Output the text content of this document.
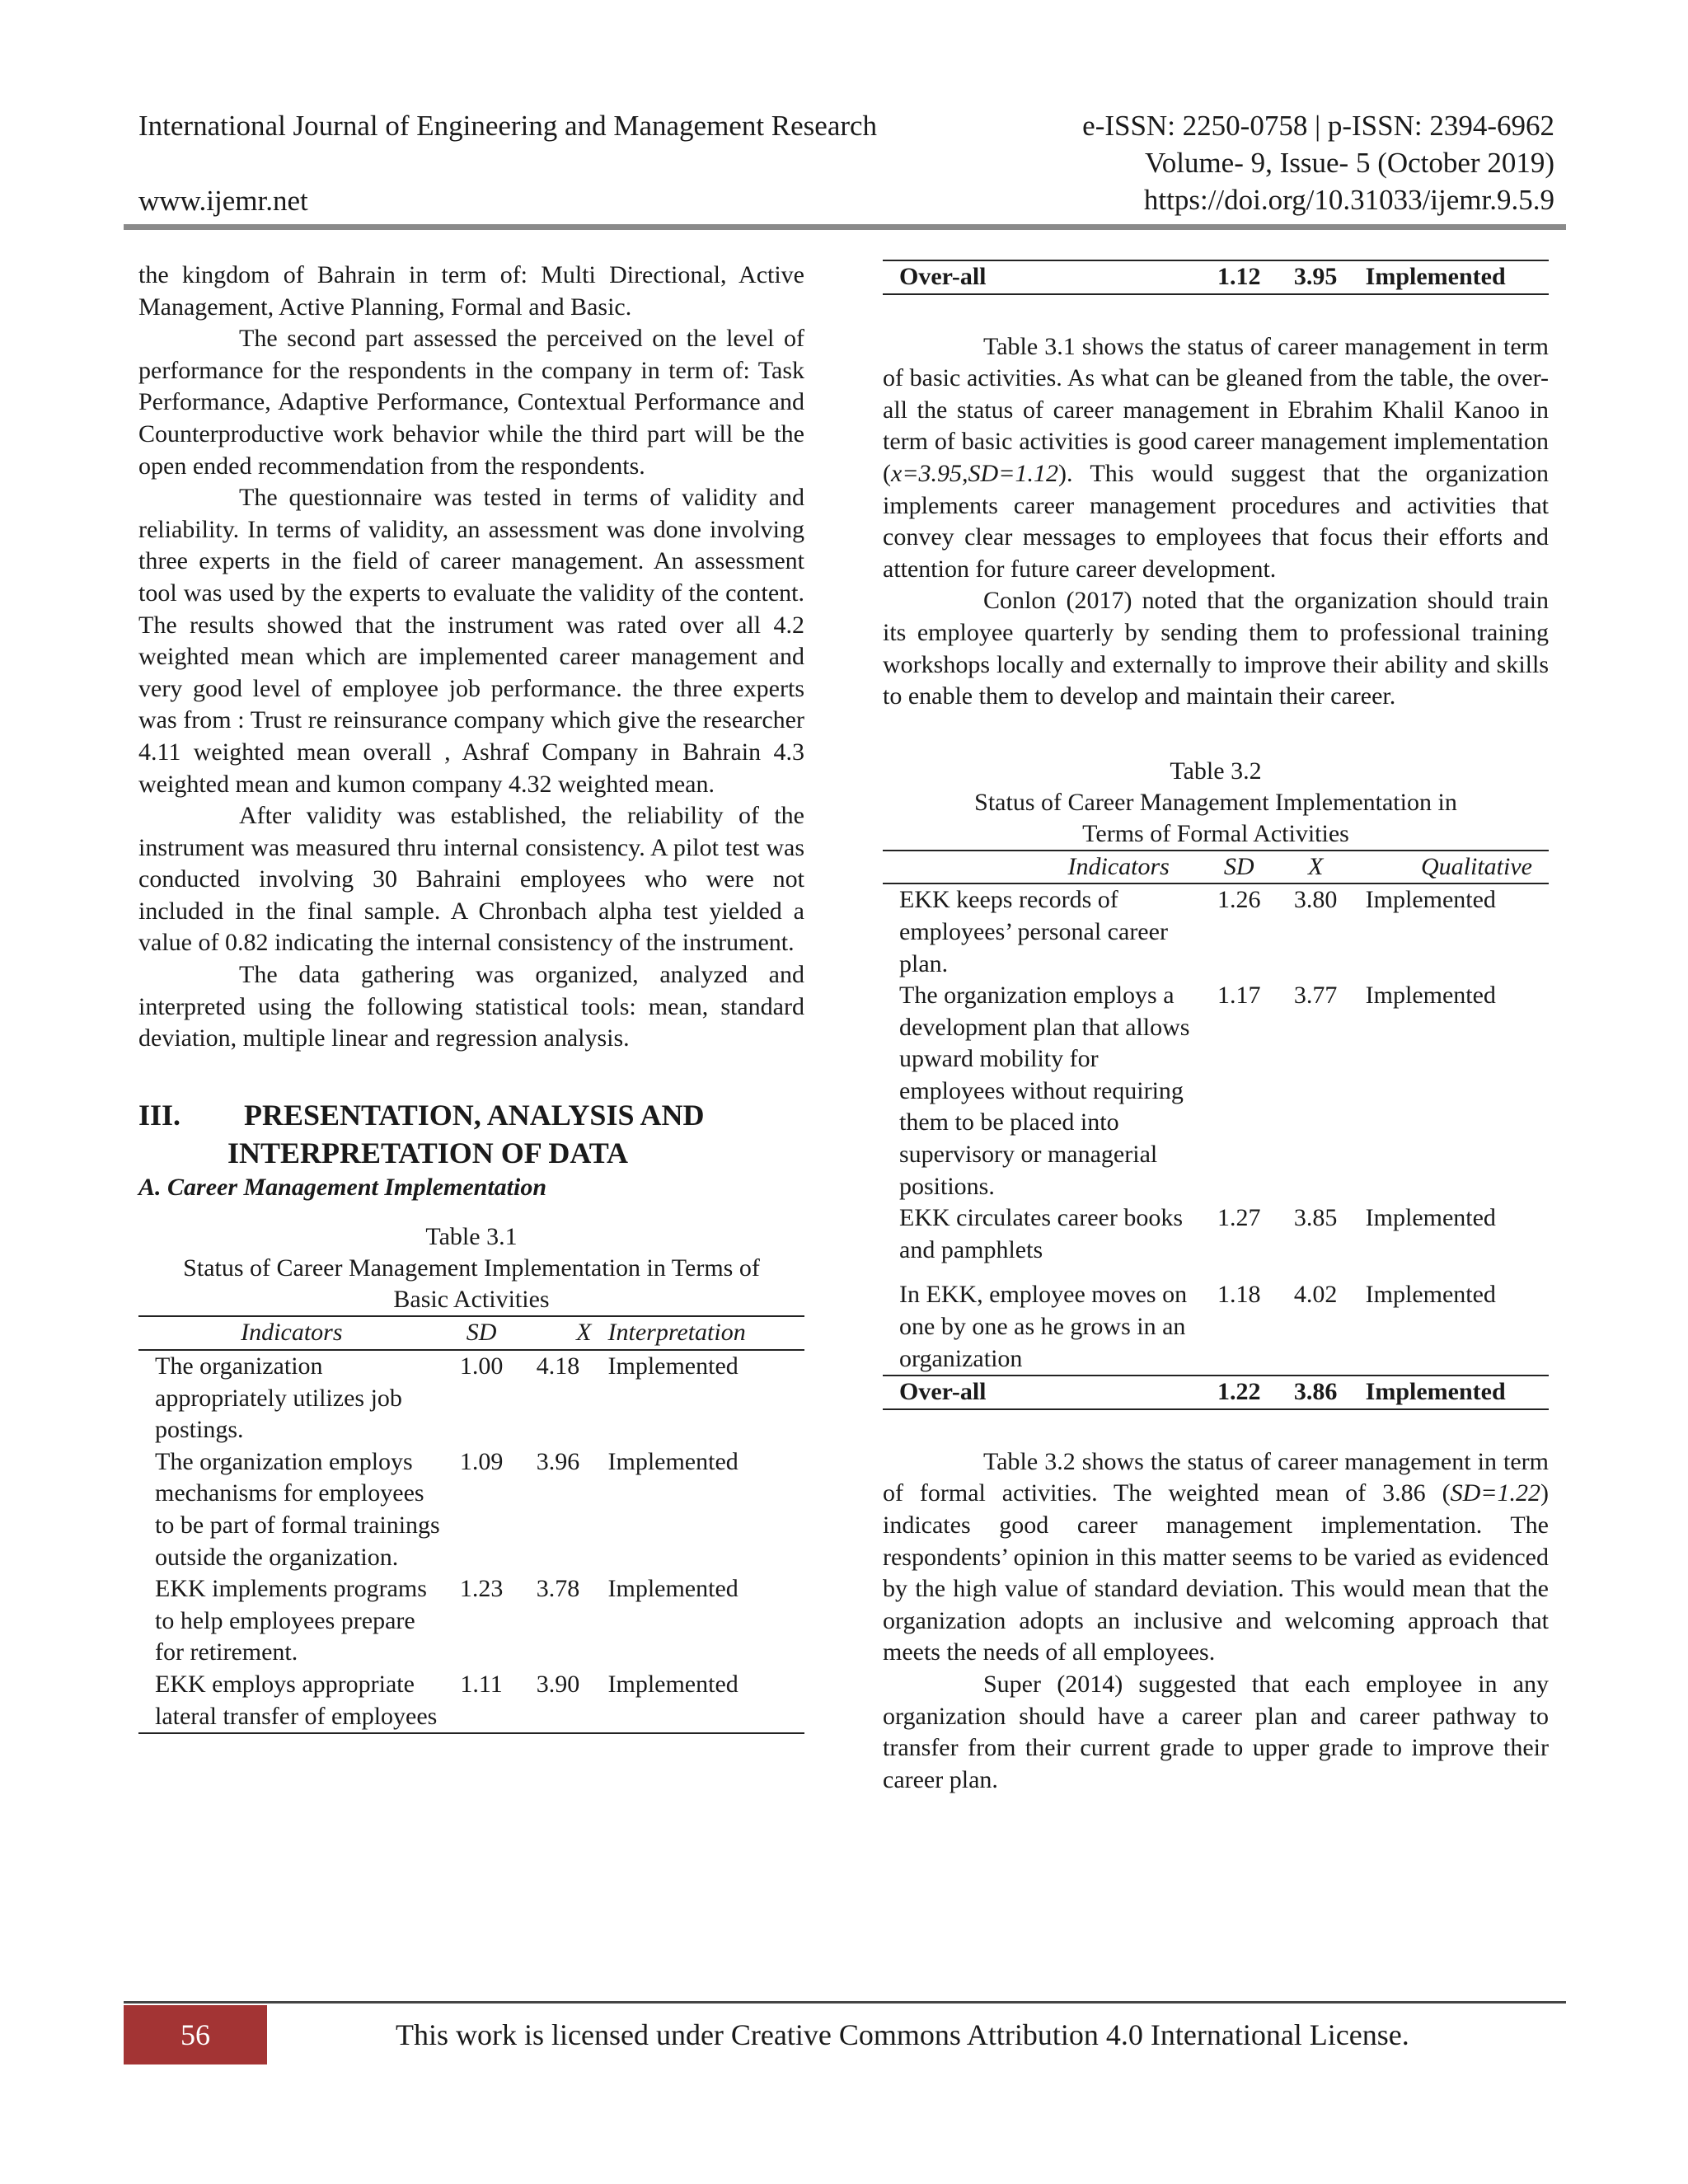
International Journal of Engineering and Management Research
www.ijemr.net
e-ISSN: 2250-0758 | p-ISSN: 2394-6962
Volume- 9, Issue- 5 (October 2019)
https://doi.org/10.31033/ijemr.9.5.9

the kingdom of Bahrain in term of: Multi Directional, Active Management, Active Planning, Formal and Basic.

The second part assessed the perceived on the level of performance for the respondents in the company in term of: Task Performance, Adaptive Performance, Contextual Performance and Counterproductive work behavior while the third part will be the open ended recommendation from the respondents.

The questionnaire was tested in terms of validity and reliability. In terms of validity, an assessment was done involving three experts in the field of career management. An assessment tool was used by the experts to evaluate the validity of the content. The results showed that the instrument was rated over all 4.2 weighted mean which are implemented career management and very good level of employee job performance. the three experts was from : Trust re reinsurance company which give the researcher 4.11 weighted mean overall , Ashraf Company in Bahrain 4.3 weighted mean and kumon company 4.32 weighted mean.

After validity was established, the reliability of the instrument was measured thru internal consistency. A pilot test was conducted involving 30 Bahraini employees who were not included in the final sample. A Chronbach alpha test yielded a value of 0.82 indicating the internal consistency of the instrument.

The data gathering was organized, analyzed and interpreted using the following statistical tools: mean, standard deviation, multiple linear and regression analysis.

III. PRESENTATION, ANALYSIS AND
INTERPRETATION OF DATA

A. Career Management Implementation

Table 3.1
Status of Career Management Implementation in Terms of Basic Activities
Indicators	SD	X	Interpretation
The organization appropriately utilizes job postings.	1.00	4.18	Implemented
The organization employs mechanisms for employees to be part of formal trainings outside the organization.	1.09	3.96	Implemented
EKK implements programs to help employees prepare for retirement.	1.23	3.78	Implemented
EKK employs appropriate lateral transfer of employees	1.11	3.90	Implemented
Over-all	1.12	3.95	Implemented

Table 3.1 shows the status of career management in term of basic activities. As what can be gleaned from the table, the over-all the status of career management in Ebrahim Khalil Kanoo in term of basic activities is good career management implementation (x=3.95,SD=1.12). This would suggest that the organization implements career management procedures and activities that convey clear messages to employees that focus their efforts and attention for future career development.

Conlon (2017) noted that the organization should train its employee quarterly by sending them to professional training workshops locally and externally to improve their ability and skills to enable them to develop and maintain their career.

Table 3.2
Status of Career Management Implementation in
Terms of Formal Activities
Indicators	SD	X	Qualitative
EKK keeps records of employees’ personal career plan.	1.26	3.80	Implemented
The organization employs a development plan that allows upward mobility for employees without requiring them to be placed into supervisory or managerial positions.	1.17	3.77	Implemented
EKK circulates career books and pamphlets	1.27	3.85	Implemented
In EKK, employee moves on one by one as he grows in an organization	1.18	4.02	Implemented
Over-all	1.22	3.86	Implemented

Table 3.2 shows the status of career management in term of formal activities. The weighted mean of 3.86 (SD=1.22) indicates good career management implementation. The respondents’ opinion in this matter seems to be varied as evidenced by the high value of standard deviation. This would mean that the organization adopts an inclusive and welcoming approach that meets the needs of all employees.

Super (2014) suggested that each employee in any organization should have a career plan and career pathway to transfer from their current grade to upper grade to improve their career plan.

56	This work is licensed under Creative Commons Attribution 4.0 International License.
